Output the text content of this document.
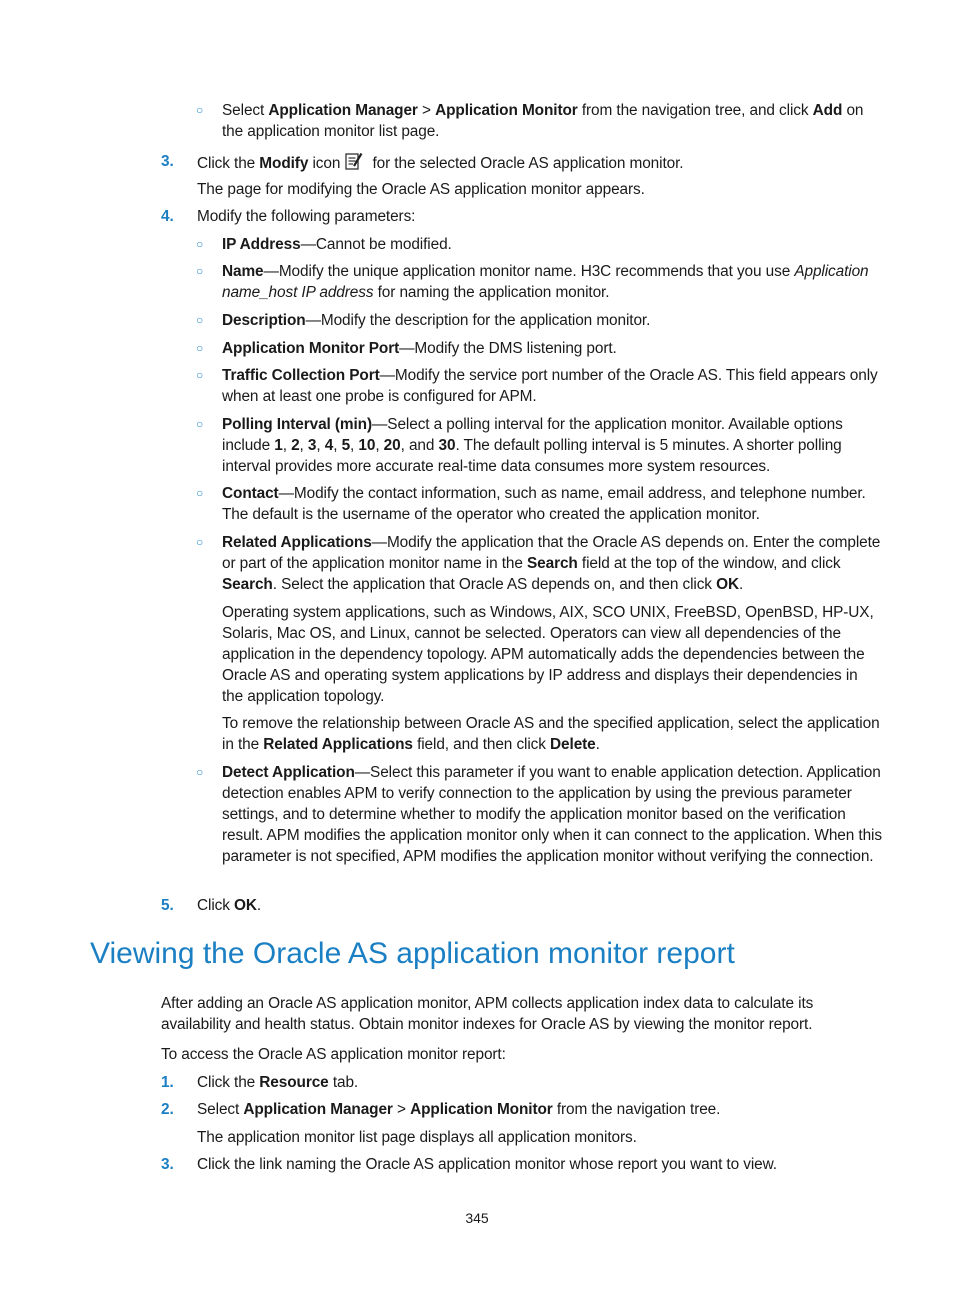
○	Select Application Manager > Application Monitor from the navigation tree, and click Add on the application monitor list page.
3.	Click the Modify icon for the selected Oracle AS application monitor.
The page for modifying the Oracle AS application monitor appears.
4.	Modify the following parameters:
○	IP Address—Cannot be modified.
○	Name—Modify the unique application monitor name. H3C recommends that you use Application name_host IP address for naming the application monitor.
○	Description—Modify the description for the application monitor.
○	Application Monitor Port—Modify the DMS listening port.
○	Traffic Collection Port—Modify the service port number of the Oracle AS. This field appears only when at least one probe is configured for APM.
○	Polling Interval (min)—Select a polling interval for the application monitor. Available options include 1, 2, 3, 4, 5, 10, 20, and 30. The default polling interval is 5 minutes. A shorter polling interval provides more accurate real-time data consumes more system resources.
○	Contact—Modify the contact information, such as name, email address, and telephone number. The default is the username of the operator who created the application monitor.
○	Related Applications—Modify the application that the Oracle AS depends on. Enter the complete or part of the application monitor name in the Search field at the top of the window, and click Search. Select the application that Oracle AS depends on, and then click OK.
Operating system applications, such as Windows, AIX, SCO UNIX, FreeBSD, OpenBSD, HP-UX, Solaris, Mac OS, and Linux, cannot be selected. Operators can view all dependencies of the application in the dependency topology. APM automatically adds the dependencies between the Oracle AS and operating system applications by IP address and displays their dependencies in the application topology.
To remove the relationship between Oracle AS and the specified application, select the application in the Related Applications field, and then click Delete.
○	Detect Application—Select this parameter if you want to enable application detection. Application detection enables APM to verify connection to the application by using the previous parameter settings, and to determine whether to modify the application monitor based on the verification result. APM modifies the application monitor only when it can connect to the application. When this parameter is not specified, APM modifies the application monitor without verifying the connection.
5.	Click OK.
Viewing the Oracle AS application monitor report
After adding an Oracle AS application monitor, APM collects application index data to calculate its availability and health status. Obtain monitor indexes for Oracle AS by viewing the monitor report.
To access the Oracle AS application monitor report:
1.	Click the Resource tab.
2.	Select Application Manager > Application Monitor from the navigation tree.
The application monitor list page displays all application monitors.
3.	Click the link naming the Oracle AS application monitor whose report you want to view.
345
